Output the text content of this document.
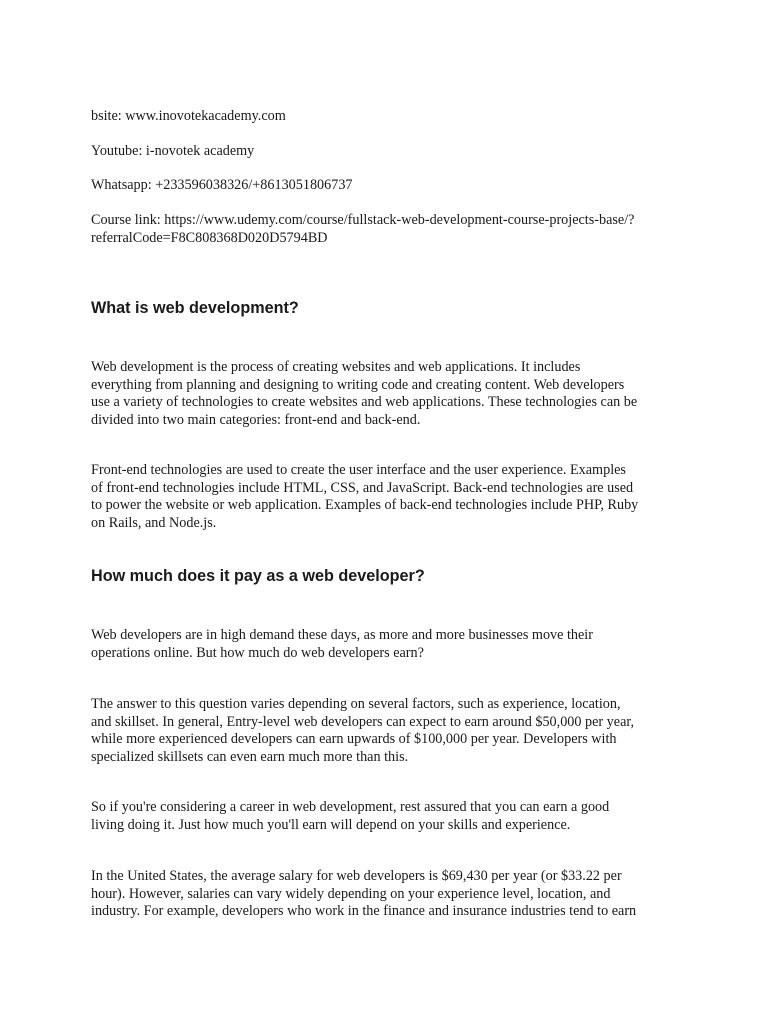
bsite: www.inovotekacademy.com

Youtube: i-novotek academy

Whatsapp: +233596038326/+8613051806737

Course link: https://www.udemy.com/course/fullstack-web-development-course-projects-base/?
referralCode=F8C808368D020D5794BD

What is web development?

Web development is the process of creating websites and web applications. It includes
everything from planning and designing to writing code and creating content. Web developers
use a variety of technologies to create websites and web applications. These technologies can be
divided into two main categories: front-end and back-end.

Front-end technologies are used to create the user interface and the user experience. Examples
of front-end technologies include HTML, CSS, and JavaScript. Back-end technologies are used
to power the website or web application. Examples of back-end technologies include PHP, Ruby
on Rails, and Node.js.

How much does it pay as a web developer?

Web developers are in high demand these days, as more and more businesses move their
operations online. But how much do web developers earn?

The answer to this question varies depending on several factors, such as experience, location,
and skillset. In general, Entry-level web developers can expect to earn around $50,000 per year,
while more experienced developers can earn upwards of $100,000 per year. Developers with
specialized skillsets can even earn much more than this.

So if you're considering a career in web development, rest assured that you can earn a good
living doing it. Just how much you'll earn will depend on your skills and experience.

In the United States, the average salary for web developers is $69,430 per year (or $33.22 per
hour). However, salaries can vary widely depending on your experience level, location, and
industry. For example, developers who work in the finance and insurance industries tend to earn
